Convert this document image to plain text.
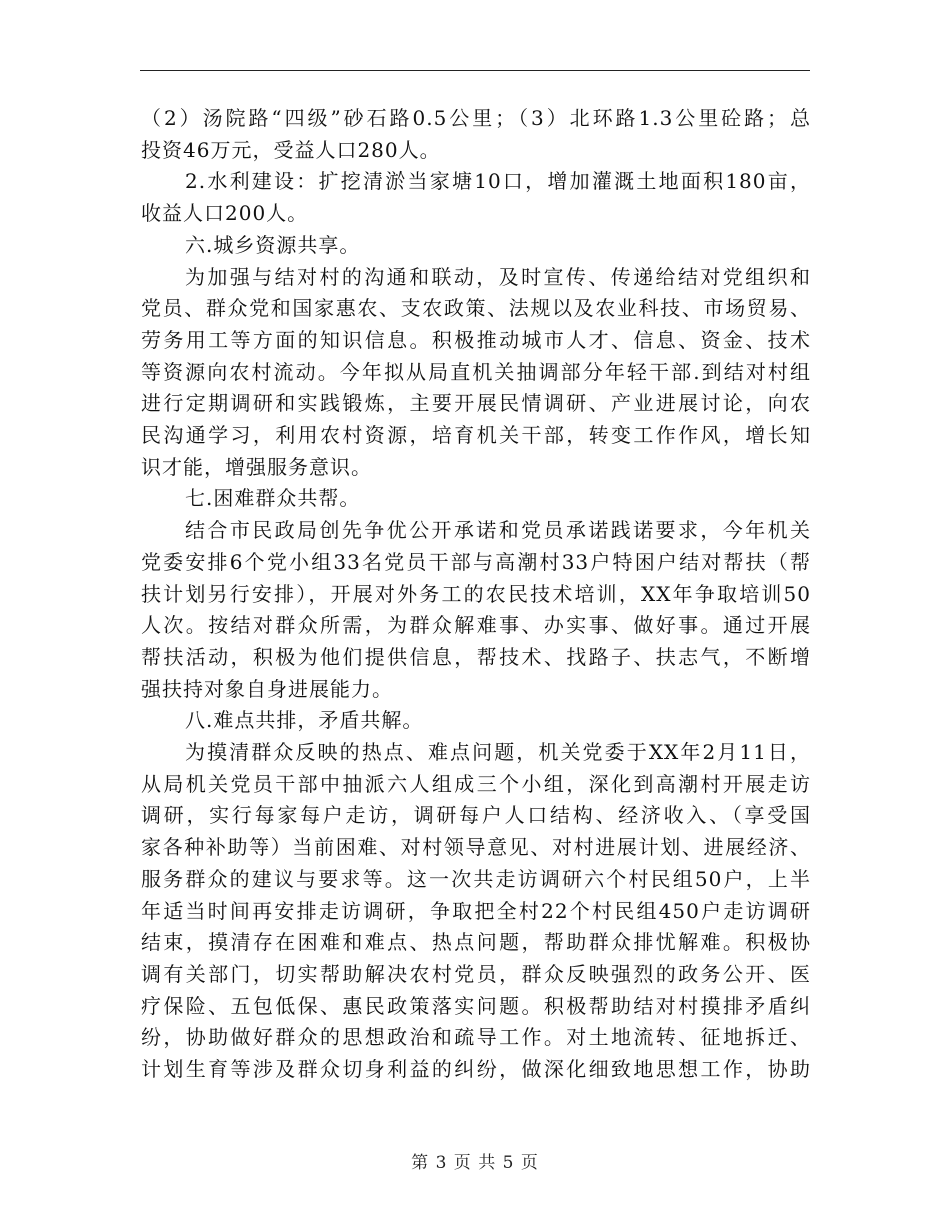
（2）汤院路“四级”砂石路0.5公里；（3）北环路1.3公里砼路；总
投资46万元，受益人口280人。
2.水利建设：扩挖清淤当家塘10口，增加灌溉土地面积180亩，
收益人口200人。
六.城乡资源共享。
为加强与结对村的沟通和联动，及时宣传、传递给结对党组织和
党员、群众党和国家惠农、支农政策、法规以及农业科技、市场贸易、
劳务用工等方面的知识信息。积极推动城市人才、信息、资金、技术
等资源向农村流动。今年拟从局直机关抽调部分年轻干部.到结对村组
进行定期调研和实践锻炼，主要开展民情调研、产业进展讨论，向农
民沟通学习，利用农村资源，培育机关干部，转变工作作风，增长知
识才能，增强服务意识。
七.困难群众共帮。
结合市民政局创先争优公开承诺和党员承诺践诺要求，今年机关
党委安排6个党小组33名党员干部与高潮村33户特困户结对帮扶（帮
扶计划另行安排），开展对外务工的农民技术培训，XX年争取培训50
人次。按结对群众所需，为群众解难事、办实事、做好事。通过开展
帮扶活动，积极为他们提供信息，帮技术、找路子、扶志气，不断增
强扶持对象自身进展能力。
八.难点共排，矛盾共解。
为摸清群众反映的热点、难点问题，机关党委于XX年2月11日，
从局机关党员干部中抽派六人组成三个小组，深化到高潮村开展走访
调研，实行每家每户走访，调研每户人口结构、经济收入、（享受国
家各种补助等）当前困难、对村领导意见、对村进展计划、进展经济、
服务群众的建议与要求等。这一次共走访调研六个村民组50户，上半
年适当时间再安排走访调研，争取把全村22个村民组450户走访调研
结束，摸清存在困难和难点、热点问题，帮助群众排忧解难。积极协
调有关部门，切实帮助解决农村党员，群众反映强烈的政务公开、医
疗保险、五包低保、惠民政策落实问题。积极帮助结对村摸排矛盾纠
纷，协助做好群众的思想政治和疏导工作。对土地流转、征地拆迁、
计划生育等涉及群众切身利益的纠纷，做深化细致地思想工作，协助
第 3 页 共 5 页
